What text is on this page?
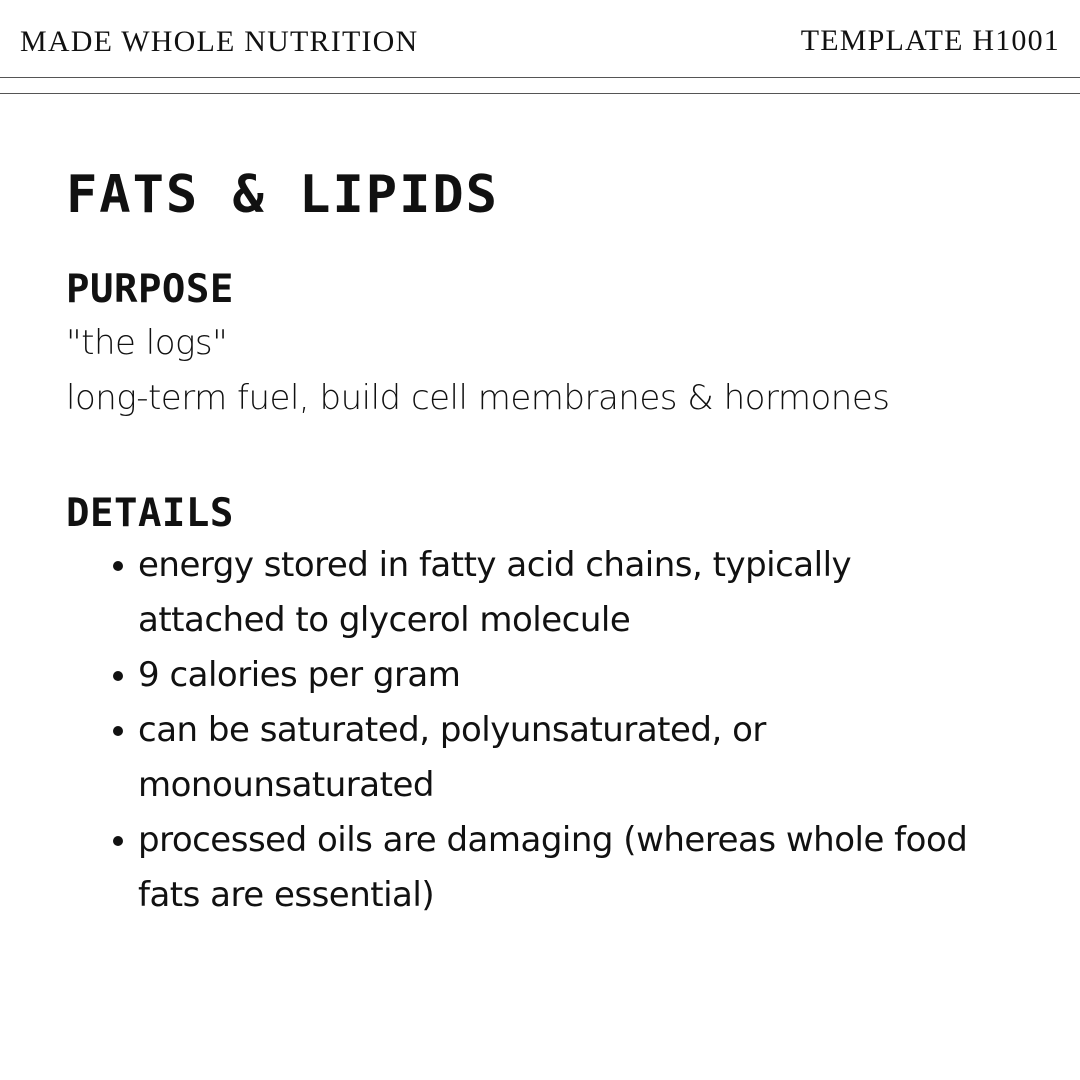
MADE WHOLE NUTRITION	TEMPLATE H1001
FATS & LIPIDS
PURPOSE

"the logs"

long-term fuel, build cell membranes & hormones

DETAILS
energy stored in fatty acid chains, typically attached to glycerol molecule
9 calories per gram
can be saturated, polyunsaturated, or monounsaturated
processed oils are damaging (whereas whole food fats are essential)
